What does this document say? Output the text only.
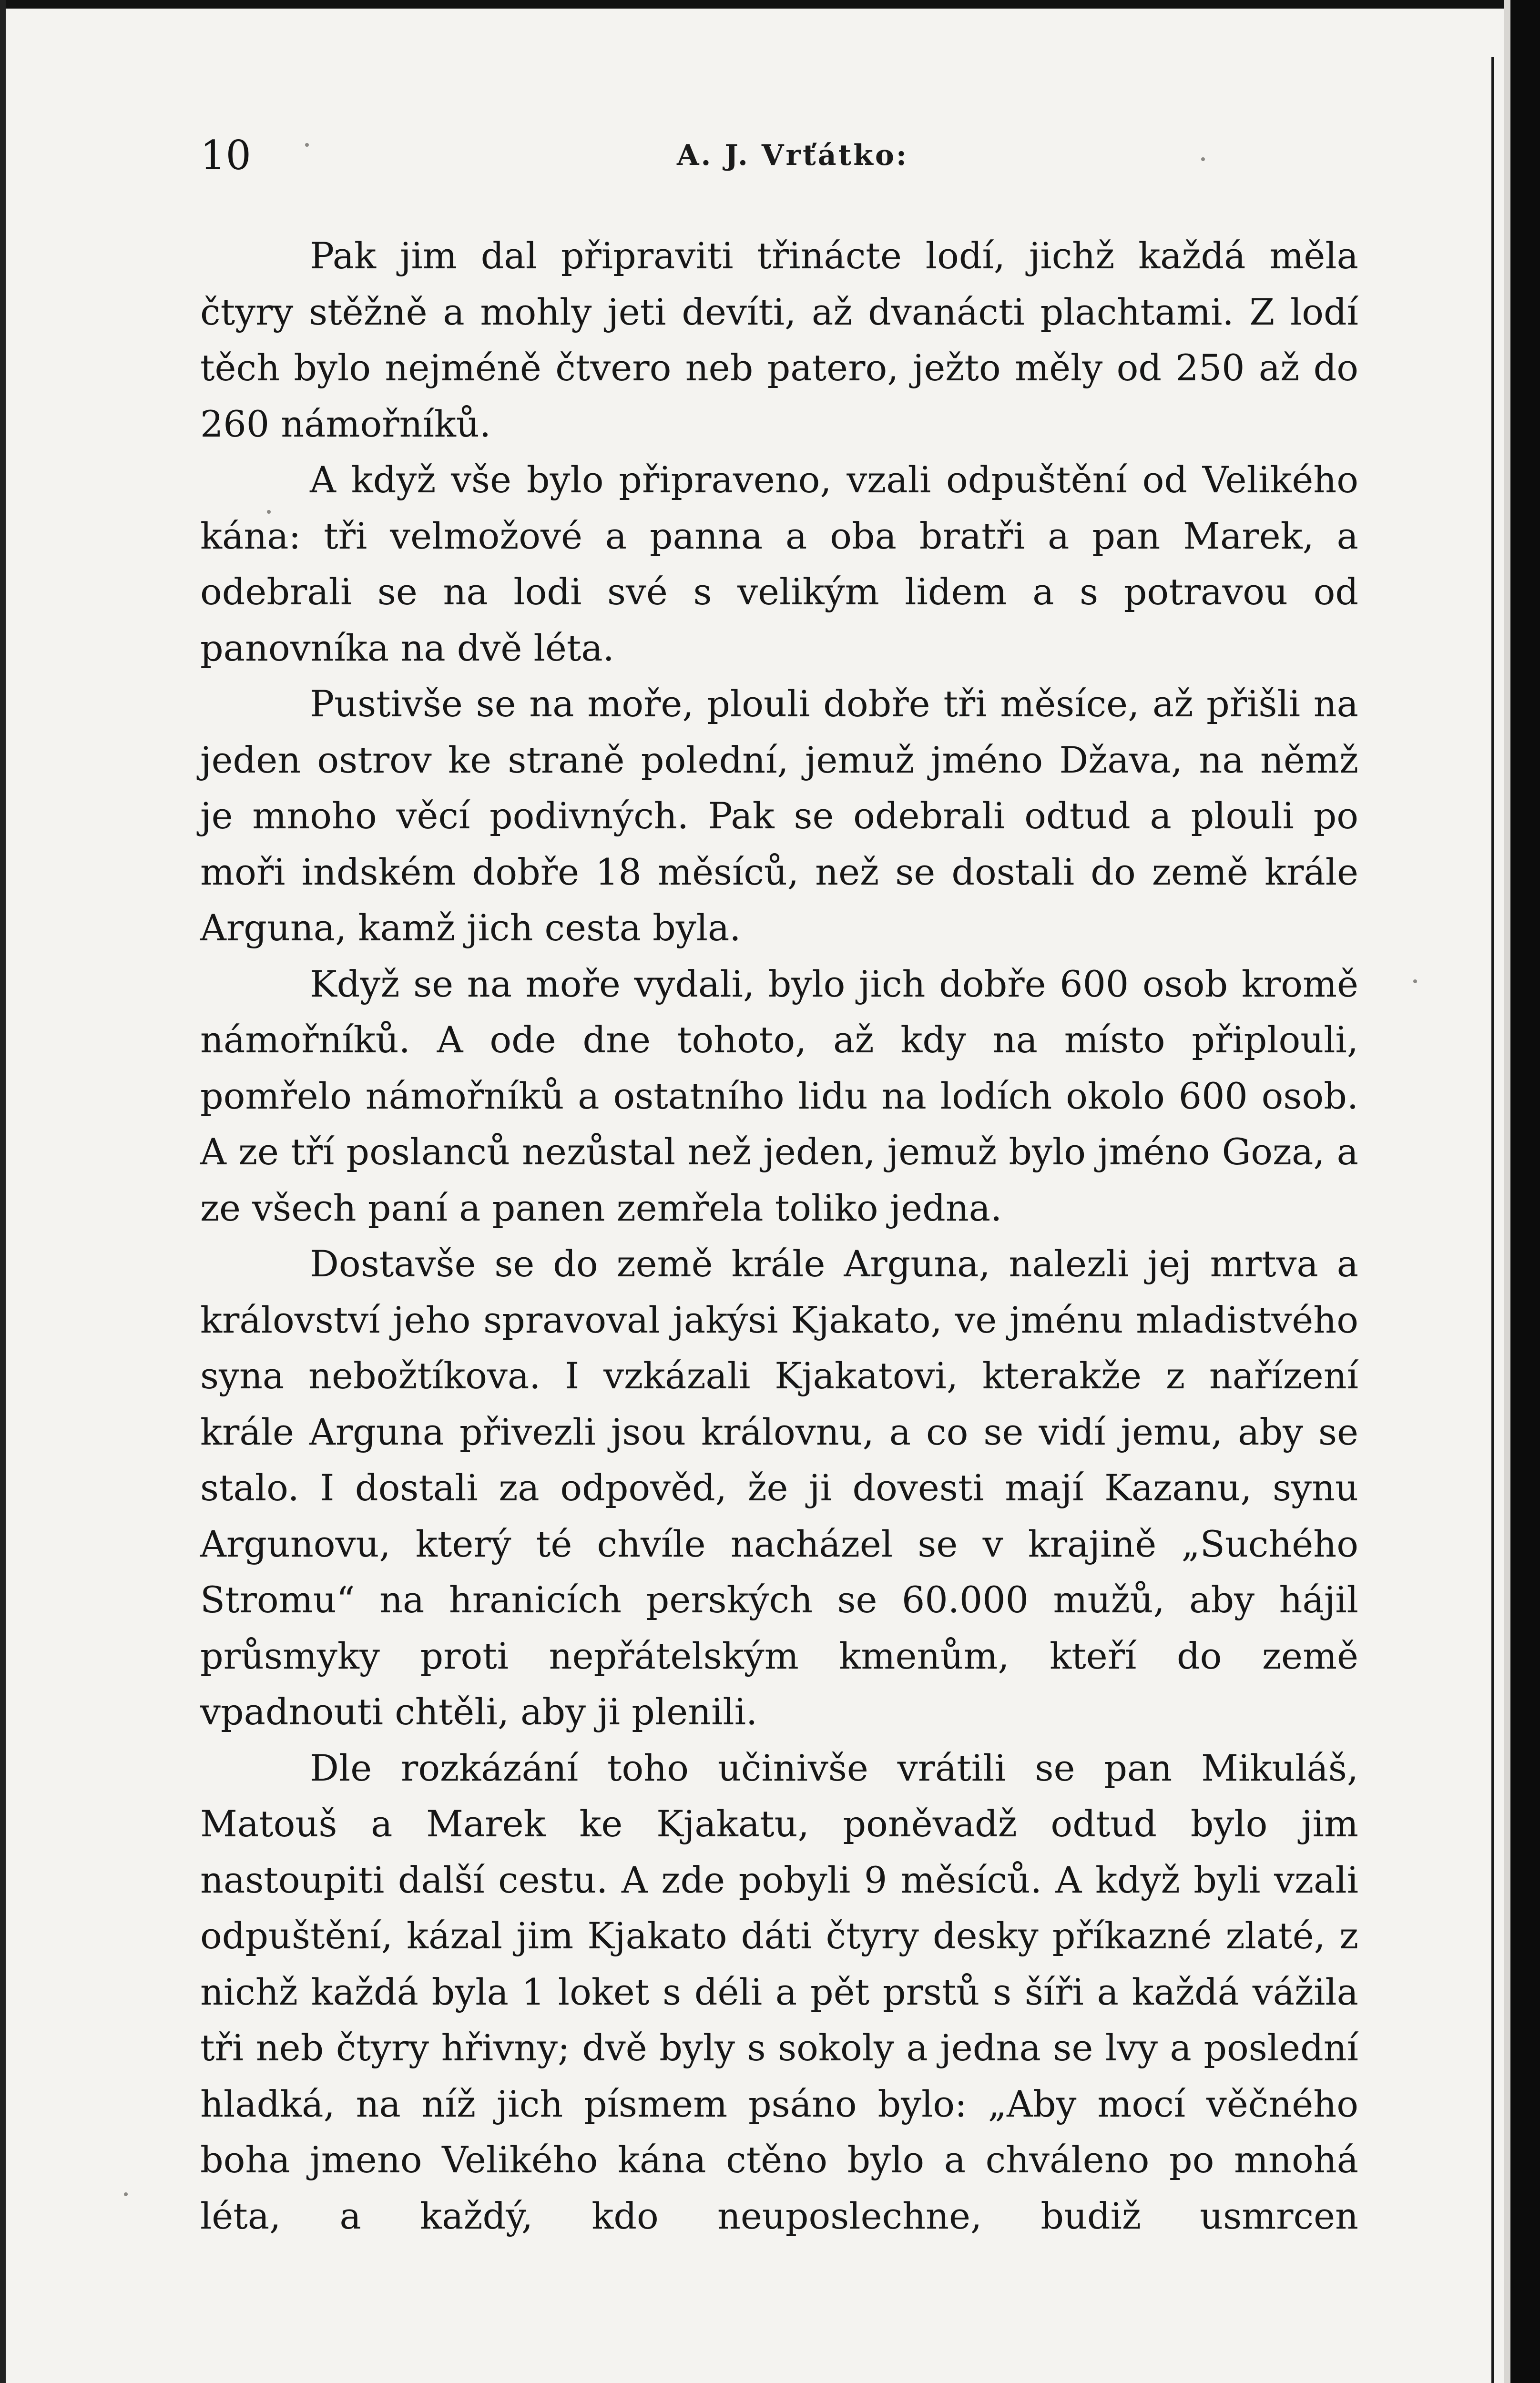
10	A. J. Vrťátko:

Pak jim dal připraviti třinácte lodí, jichž každá měla čtyry stěžně a mohly jeti devíti, až dvanácti plachtami. Z lodí těch bylo nejméně čtvero neb patero, ježto měly od 250 až do 260 námořníků.

A když vše bylo připraveno, vzali odpuštění od Velikého kána: tři velmožové a panna a oba bratři a pan Marek, a odebrali se na lodi své s velikým lidem a s potravou od panovníka na dvě léta.

Pustivše se na moře, plouli dobře tři měsíce, až přišli na jeden ostrov ke straně polední, jemuž jméno Džava, na němž je mnoho věcí podivných. Pak se odebrali odtud a plouli po moři indském dobře 18 měsíců, než se dostali do země krále Arguna, kamž jich cesta byla.

Když se na moře vydali, bylo jich dobře 600 osob kromě námořníků. A ode dne tohoto, až kdy na místo připlouli, pomřelo námořníků a ostatního lidu na lodích okolo 600 osob. A ze tří poslanců nezůstal než jeden, jemuž bylo jméno Goza, a ze všech paní a panen zemřela toliko jedna.

Dostavše se do země krále Arguna, nalezli jej mrtva a království jeho spravoval jakýsi Kjakato, ve jménu mladistvého syna nebožtíkova. I vzkázali Kjakatovi, kterakže z nařízení krále Arguna přivezli jsou královnu, a co se vidí jemu, aby se stalo. I dostali za odpověd, že ji dovesti mají Kazanu, synu Argunovu, který té chvíle nacházel se v krajině „Suchého Stromu“ na hranicích perských se 60.000 mužů, aby hájil průsmyky proti nepřátelským kmenům, kteří do země vpadnouti chtěli, aby ji plenili.

Dle rozkázání toho učinivše vrátili se pan Mikuláš, Matouš a Marek ke Kjakatu, poněvadž odtud bylo jim nastoupiti další cestu. A zde pobyli 9 měsíců. A když byli vzali odpuštění, kázal jim Kjakato dáti čtyry desky příkazné zlaté, z nichž každá byla 1 loket s déli a pět prstů s šíři a každá vážila tři neb čtyry hřivny; dvě byly s sokoly a jedna se lvy a poslední hladká, na níž jich písmem psáno bylo: „Aby mocí věčného boha jmeno Velikého kána ctěno bylo a chváleno po mnohá léta, a každý, kdo neuposlechne, budiž usmrcen
